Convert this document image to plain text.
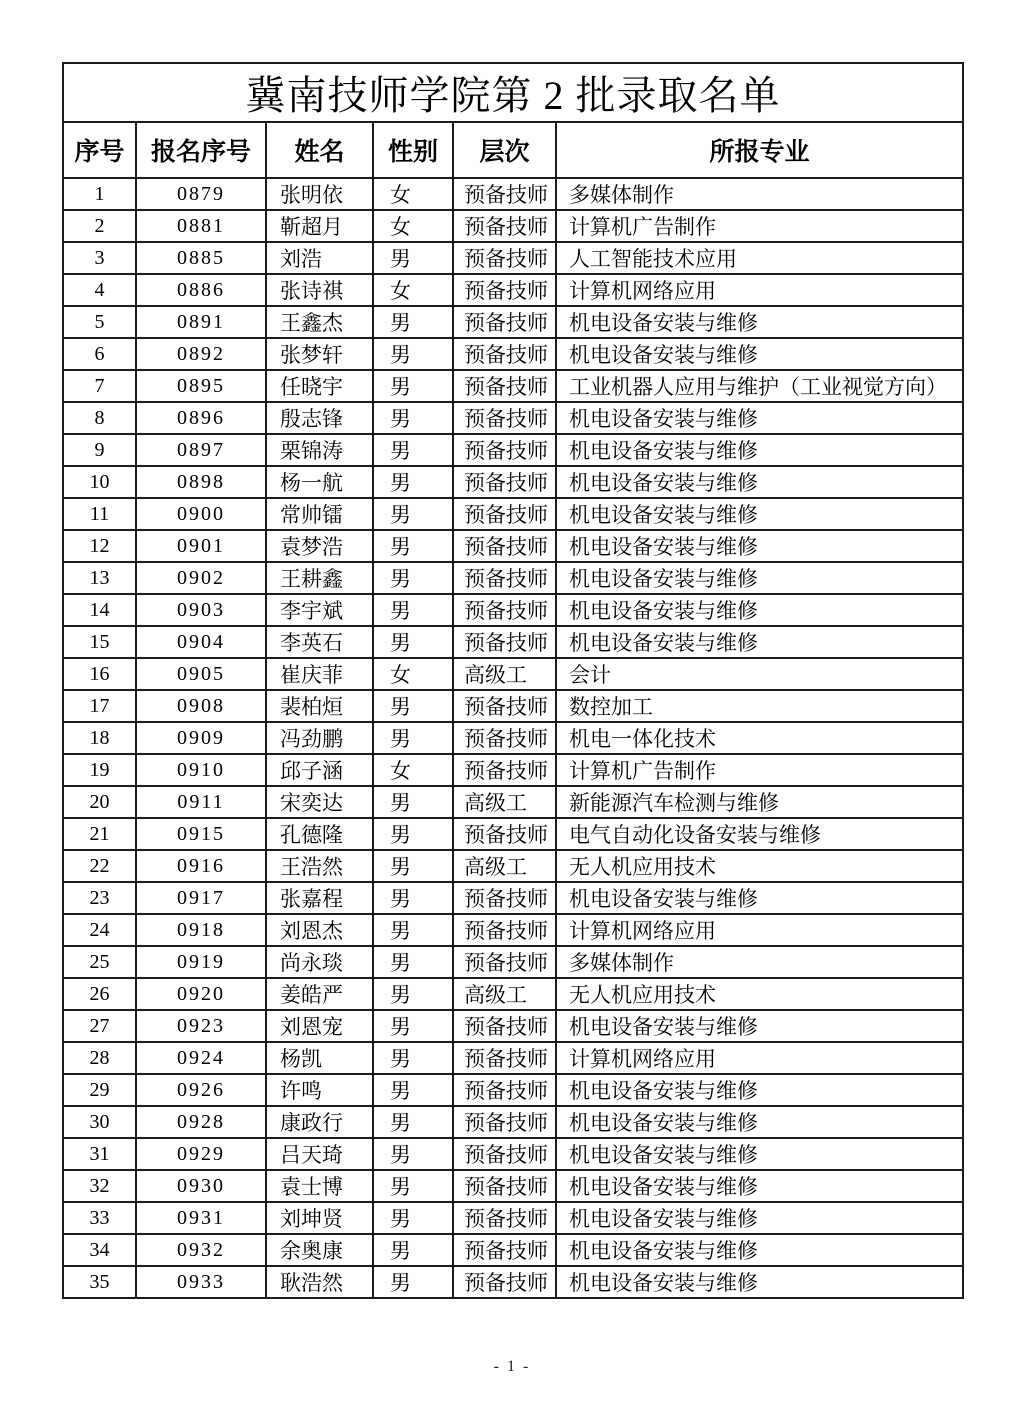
冀南技师学院第 2 批录取名单					
序号	报名序号	姓名	性别	层次	所报专业
1	0879	张明依	女	预备技师	多媒体制作
2	0881	靳超月	女	预备技师	计算机广告制作
3	0885	刘浩	男	预备技师	人工智能技术应用
4	0886	张诗祺	女	预备技师	计算机网络应用
5	0891	王鑫杰	男	预备技师	机电设备安装与维修
6	0892	张梦轩	男	预备技师	机电设备安装与维修
7	0895	任晓宇	男	预备技师	工业机器人应用与维护（工业视觉方向）
8	0896	殷志锋	男	预备技师	机电设备安装与维修
9	0897	栗锦涛	男	预备技师	机电设备安装与维修
10	0898	杨一航	男	预备技师	机电设备安装与维修
11	0900	常帅镭	男	预备技师	机电设备安装与维修
12	0901	袁梦浩	男	预备技师	机电设备安装与维修
13	0902	王耕鑫	男	预备技师	机电设备安装与维修
14	0903	李宇斌	男	预备技师	机电设备安装与维修
15	0904	李英石	男	预备技师	机电设备安装与维修
16	0905	崔庆菲	女	高级工	会计
17	0908	裴柏烜	男	预备技师	数控加工
18	0909	冯劲鹏	男	预备技师	机电一体化技术
19	0910	邱子涵	女	预备技师	计算机广告制作
20	0911	宋奕达	男	高级工	新能源汽车检测与维修
21	0915	孔德隆	男	预备技师	电气自动化设备安装与维修
22	0916	王浩然	男	高级工	无人机应用技术
23	0917	张嘉程	男	预备技师	机电设备安装与维修
24	0918	刘恩杰	男	预备技师	计算机网络应用
25	0919	尚永琰	男	预备技师	多媒体制作
26	0920	姜皓严	男	高级工	无人机应用技术
27	0923	刘恩宠	男	预备技师	机电设备安装与维修
28	0924	杨凯	男	预备技师	计算机网络应用
29	0926	许鸣	男	预备技师	机电设备安装与维修
30	0928	康政行	男	预备技师	机电设备安装与维修
31	0929	吕天琦	男	预备技师	机电设备安装与维修
32	0930	袁士博	男	预备技师	机电设备安装与维修
33	0931	刘坤贤	男	预备技师	机电设备安装与维修
34	0932	余奥康	男	预备技师	机电设备安装与维修
35	0933	耿浩然	男	预备技师	机电设备安装与维修
- 1 -
